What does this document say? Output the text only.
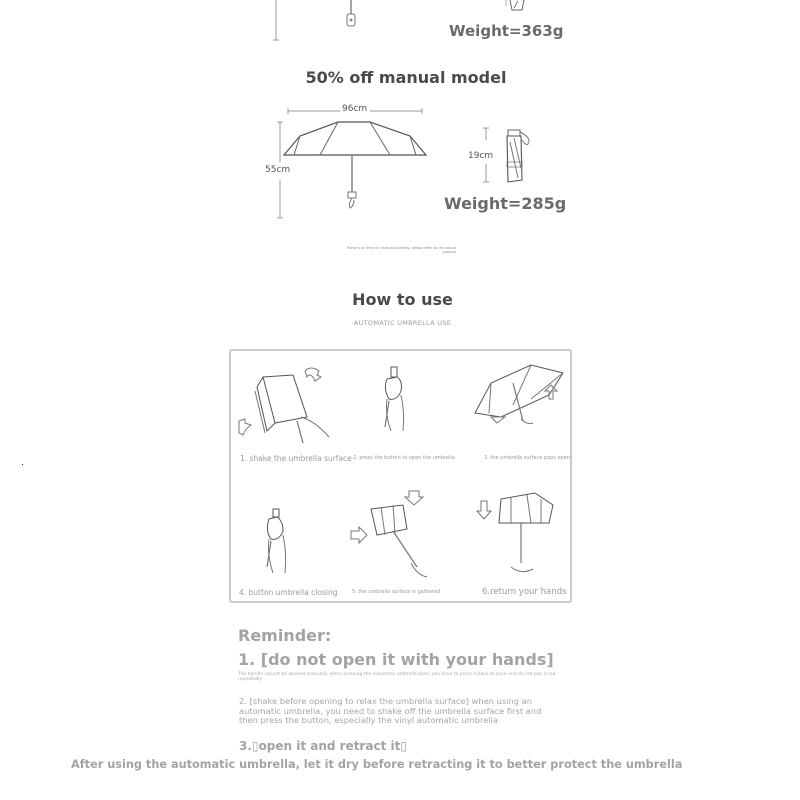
Weight=363g
50% off manual model
96cm
55cm
19cm
Weight=285g
There is an error in manual quantity, please refer to the actual product
How to use
AUTOMATIC UMBRELLA USE
1. shake the umbrella surface 2. press the button to open the umbrella	3. the umbrella surface pops open
4. button umbrella closing	5. the umbrella surface is gathered	6.return your hands
Reminder:
1. [do not open it with your hands]
The handle cannot be opened manually. when pressing the automatic umbrella back, you have to press it back at once and do not pop it out repeatedly
2. [shake before opening to relax the umbrella surface] when using an automatic umbrella, you need to shake off the umbrella surface first and then press the button, especially the vinyl automatic umbrella
3.▯open it and retract it▯
After using the automatic umbrella, let it dry before retracting it to better protect the umbrella
